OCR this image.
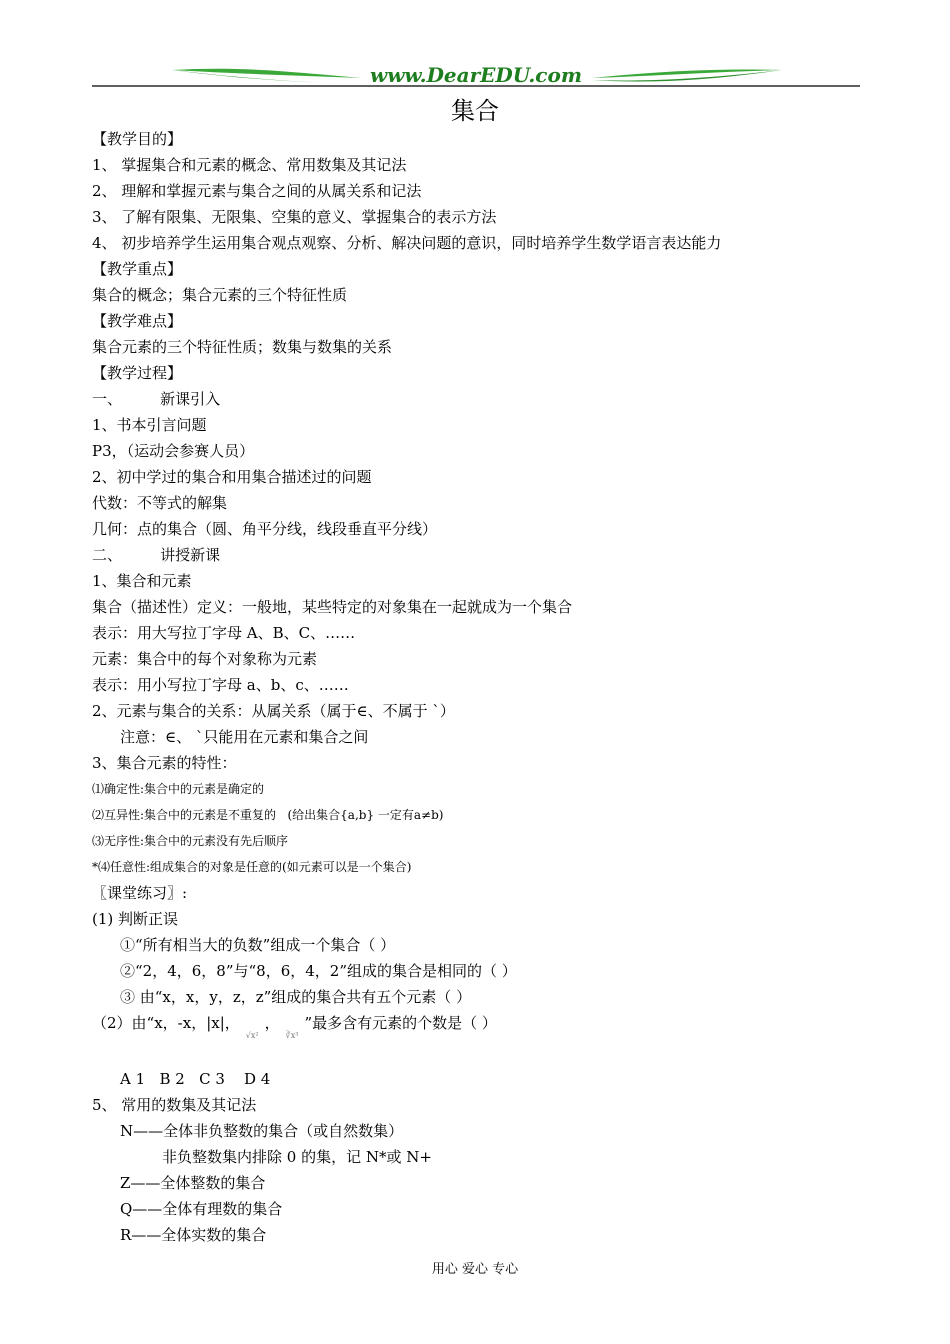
www.DearEDU.com
集合
【教学目的】
1、 掌握集合和元素的概念、常用数集及其记法
2、 理解和掌握元素与集合之间的从属关系和记法
3、 了解有限集、无限集、空集的意义、掌握集合的表示方法
4、 初步培养学生运用集合观点观察、分析、解决问题的意识，同时培养学生数学语言表达能力
【教学重点】
集合的概念；集合元素的三个特征性质
【教学难点】
集合元素的三个特征性质；数集与数集的关系
【教学过程】
一、        新课引入
1、书本引言问题
P3，（运动会参赛人员）
2、初中学过的集合和用集合描述过的问题
代数：不等式的解集
几何：点的集合（圆、角平分线，线段垂直平分线）
二、        讲授新课
1、集合和元素
集合（描述性）定义：一般地，某些特定的对象集在一起就成为一个集合
表示：用大写拉丁字母 A、B、C、……
元素：集合中的每个对象称为元素
表示：用小写拉丁字母 a、b、c、……
2、元素与集合的关系：从属关系（属于∈、不属于 ˋ）
注意：∈、 ˋ只能用在元素和集合之间
3、集合元素的特性：
⑴确定性:集合中的元素是确定的
⑵互异性:集合中的元素是不重复的   (给出集合{a,b} 一定有a≠b)
⑶无序性:集合中的元素没有先后顺序
*⑷任意性:组成集合的对象是任意的(如元素可以是一个集合)
〖课堂练习〗:
(1) 判断正误
①“所有相当大的负数”组成一个集合（ ）
②“2，4，6，8”与“8，6，4，2”组成的集合是相同的（ ）
③ 由“x，x，y，z，z”组成的集合共有五个元素（ ）
（2）由“x，-x，|x|，√x²，∛x³”最多含有元素的个数是（ ）
A 1   B 2   C 3    D 4
5、 常用的数集及其记法
N——全体非负整数的集合（或自然数集）
非负整数集内排除 0 的集，记 N*或 N+
Z——全体整数的集合
Q——全体有理数的集合
R——全体实数的集合
用心 爱心 专心
